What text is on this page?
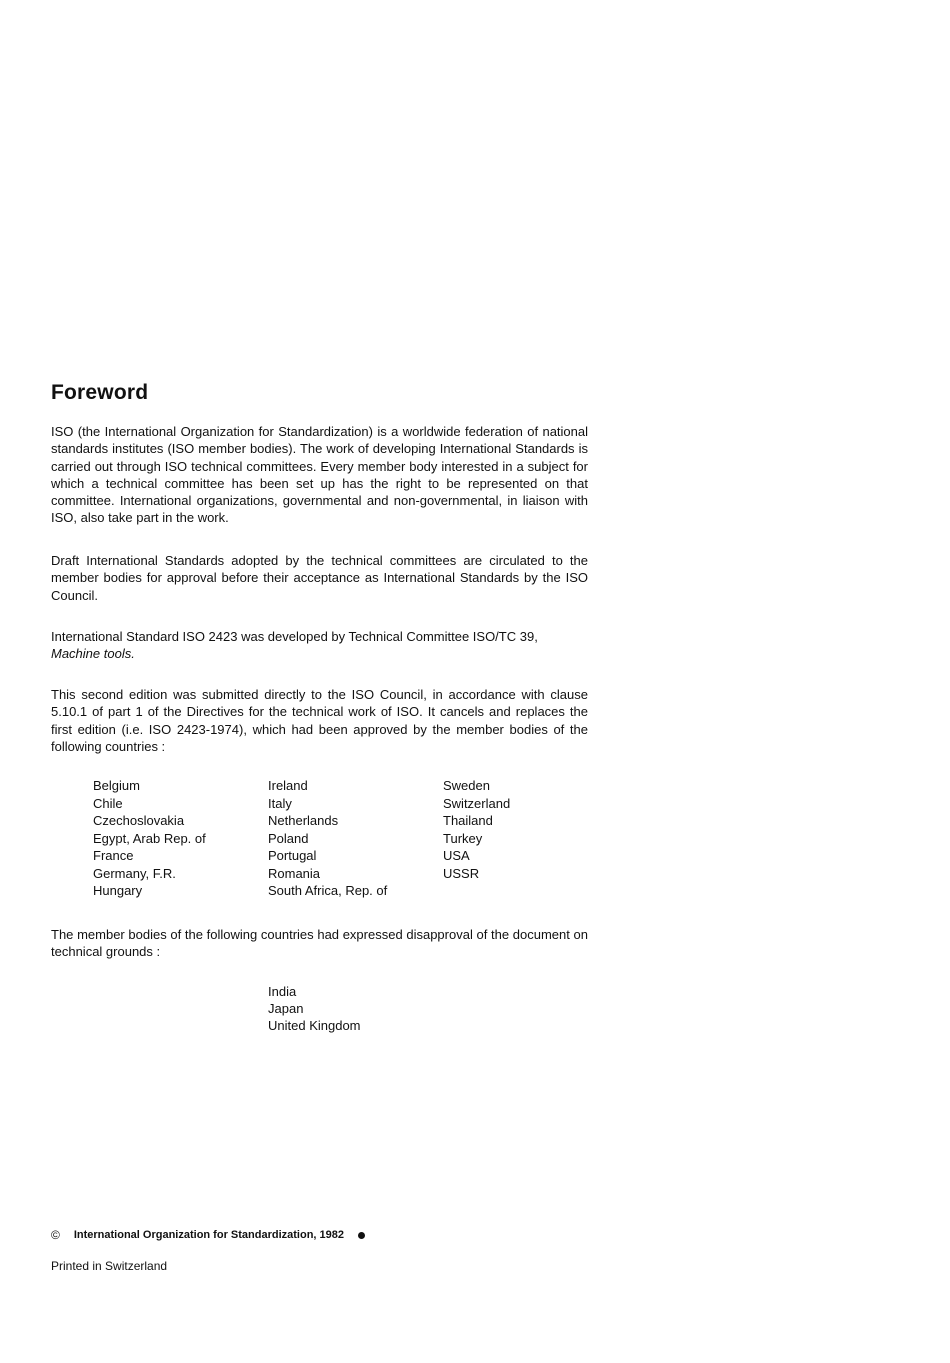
Foreword

ISO (the International Organization for Standardization) is a worldwide federation of national standards institutes (ISO member bodies). The work of developing International Standards is carried out through ISO technical committees. Every member body interested in a subject for which a technical committee has been set up has the right to be represented on that committee. International organizations, governmental and non-governmental, in liaison with ISO, also take part in the work.

Draft International Standards adopted by the technical committees are circulated to the member bodies for approval before their acceptance as International Standards by the ISO Council.

International Standard ISO 2423 was developed by Technical Committee ISO/TC 39,
Machine tools.

This second edition was submitted directly to the ISO Council, in accordance with clause 5.10.1 of part 1 of the Directives for the technical work of ISO. It cancels and replaces the first edition (i.e. ISO 2423-1974), which had been approved by the member bodies of the following countries :

Belgium
Chile
Czechoslovakia
Egypt, Arab Rep. of
France
Germany, F.R.
Hungary
Ireland
Italy
Netherlands
Poland
Portugal
Romania
South Africa, Rep. of
Sweden
Switzerland
Thailand
Turkey
USA
USSR

The member bodies of the following countries had expressed disapproval of the document on technical grounds :

India
Japan
United Kingdom
© International Organization for Standardization, 1982
Printed in Switzerland
